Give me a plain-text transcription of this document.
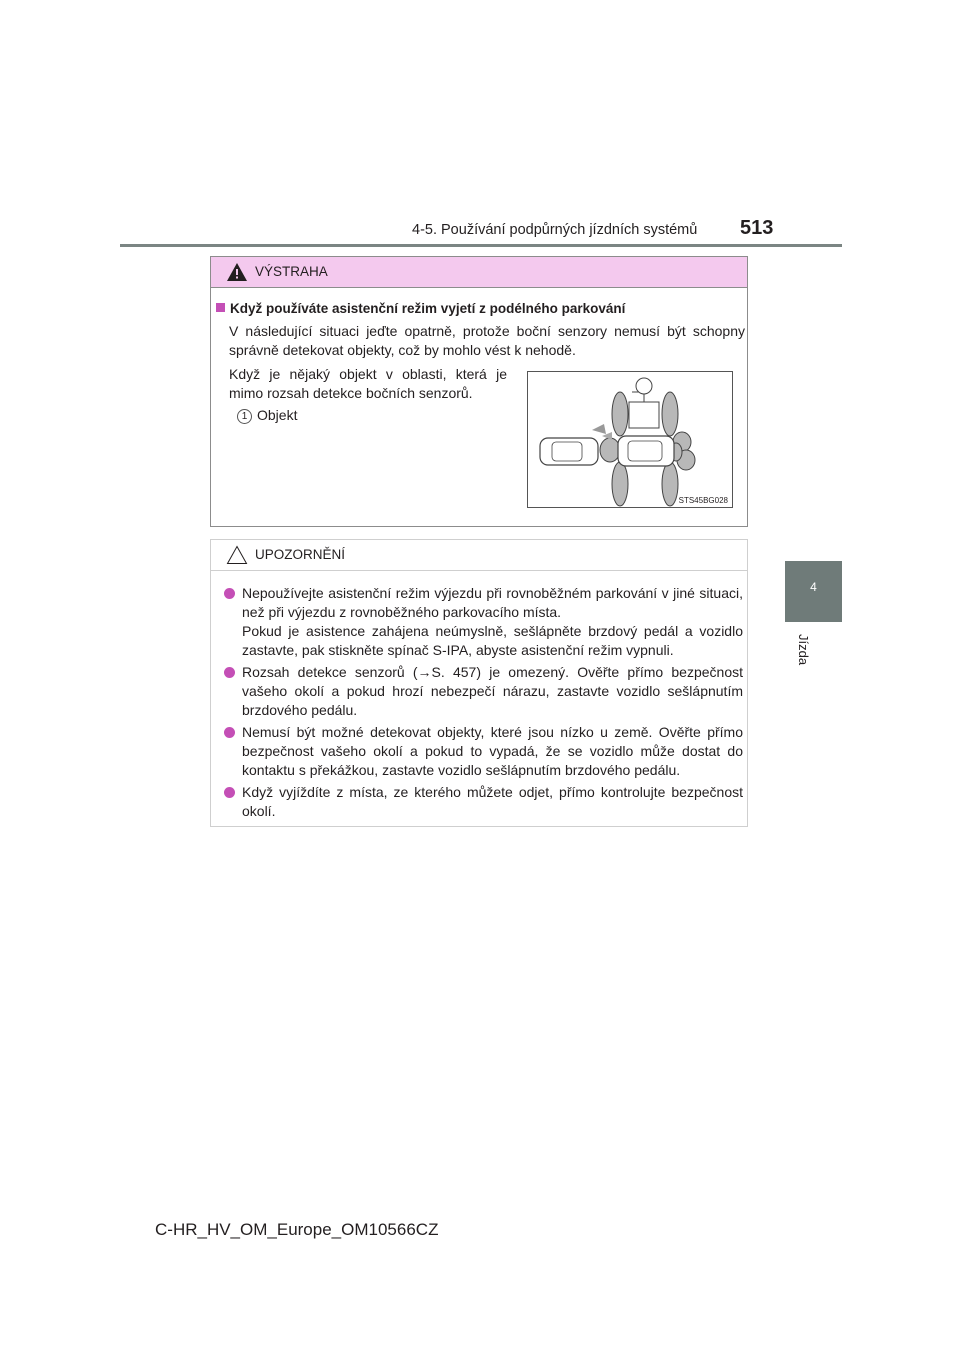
4-5. Používání podpůrných jízdních systémů 513
4
Jízda
VÝSTRAHA
Když používáte asistenční režim vyjetí z podélného parkování
V následující situaci jeďte opatrně, protože boční senzory nemusí být schopny správně detekovat objekty, což by mohlo vést k nehodě.
Když je nějaký objekt v oblasti, která je mimo rozsah detekce bočních senzorů.
1 Objekt
STS45BG028
UPOZORNĚNÍ

Nepoužívejte asistenční režim výjezdu při rovnoběžném parkování v jiné situaci, než při výjezdu z rovnoběžného parkovacího místa.

Pokud je asistence zahájena neúmyslně, sešlápněte brzdový pedál a vozidlo zastavte, pak stiskněte spínač S-IPA, abyste asistenční režim vypnuli.

Rozsah detekce senzorů (→S. 457) je omezený. Ověřte přímo bezpečnost vašeho okolí a pokud hrozí nebezpečí nárazu, zastavte vozidlo sešlápnutím brzdového pedálu.

Nemusí být možné detekovat objekty, které jsou nízko u země. Ověřte přímo bezpečnost vašeho okolí a pokud to vypadá, že se vozidlo může dostat do kontaktu s překážkou, zastavte vozidlo sešlápnutím brzdového pedálu.

Když vyjíždíte z místa, ze kterého můžete odjet, přímo kontrolujte bezpečnost okolí.

C-HR_HV_OM_Europe_OM10566CZ
